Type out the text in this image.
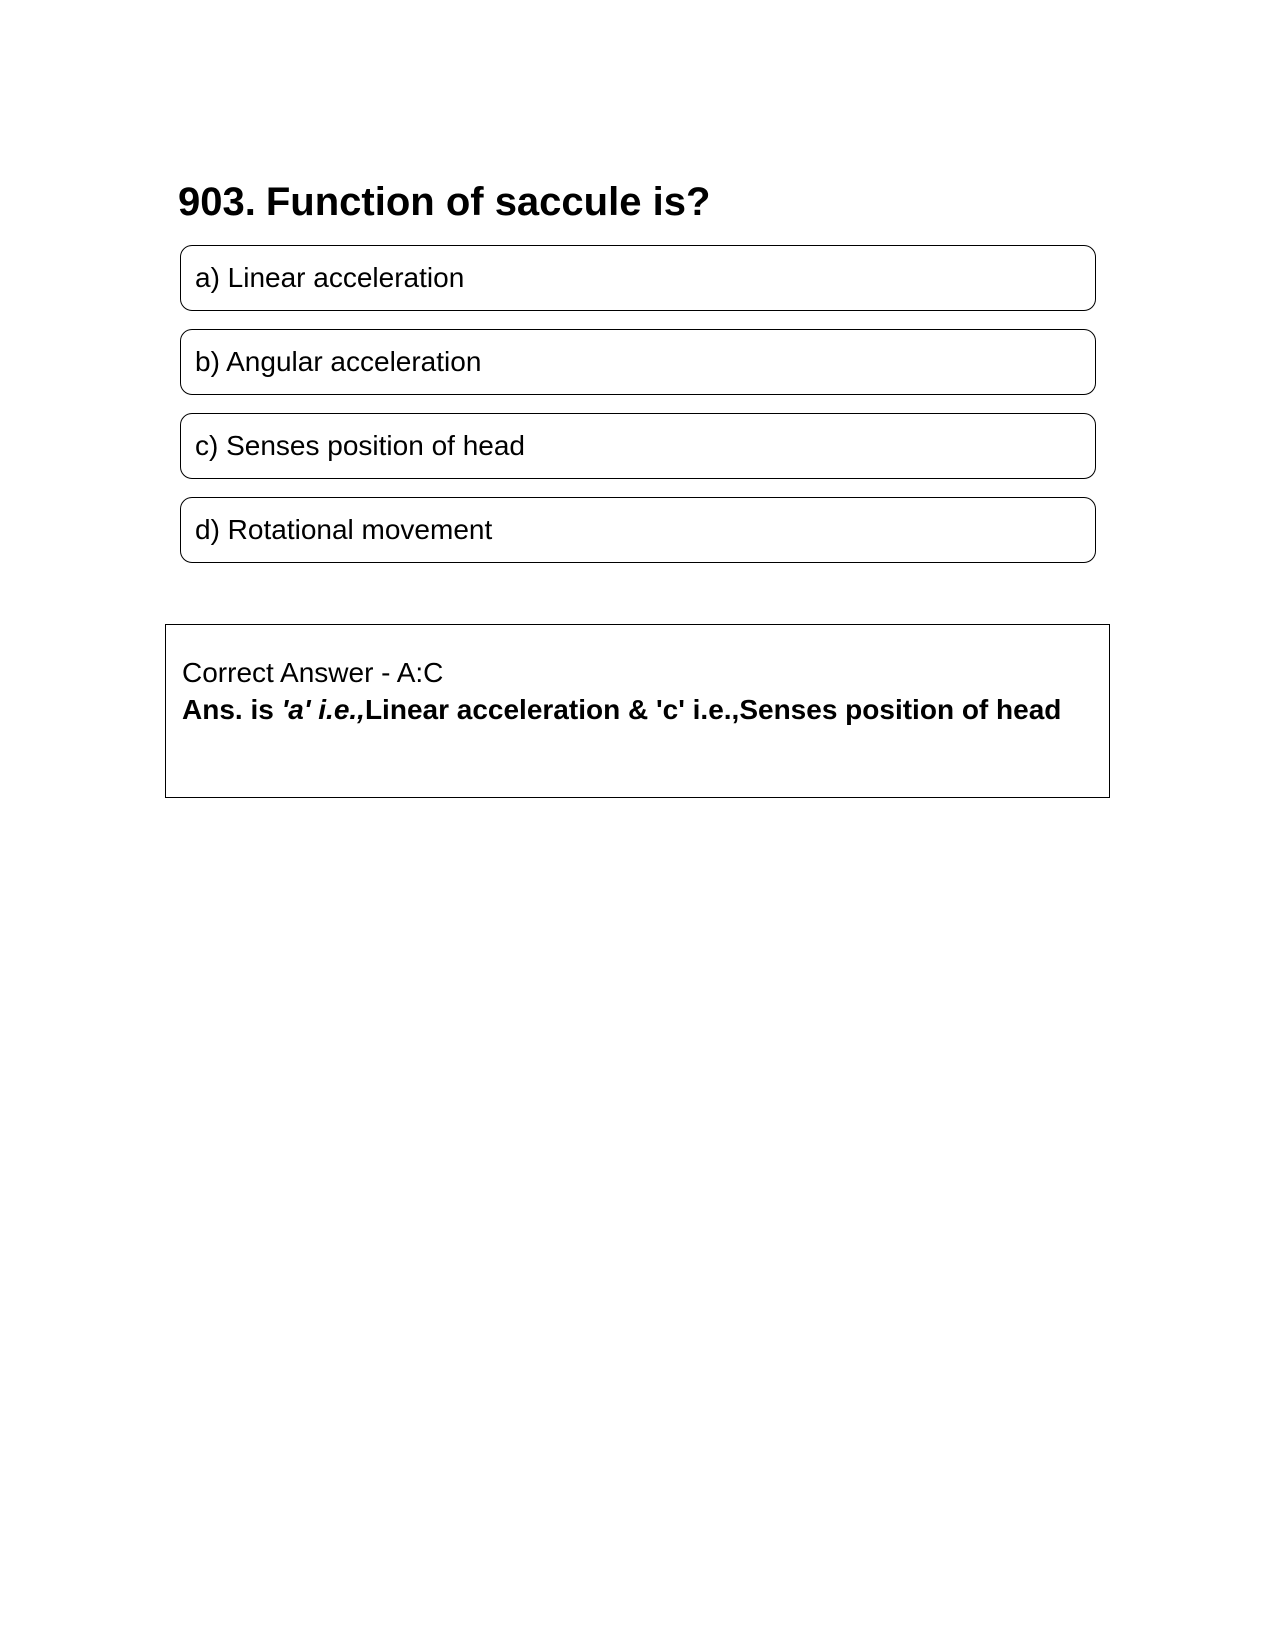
903. Function of saccule is?
a) Linear acceleration
b) Angular acceleration
c) Senses position of head
d) Rotational movement
Correct Answer - A:C
Ans. is 'a' i.e.,Linear acceleration & 'c' i.e.,Senses position of head
